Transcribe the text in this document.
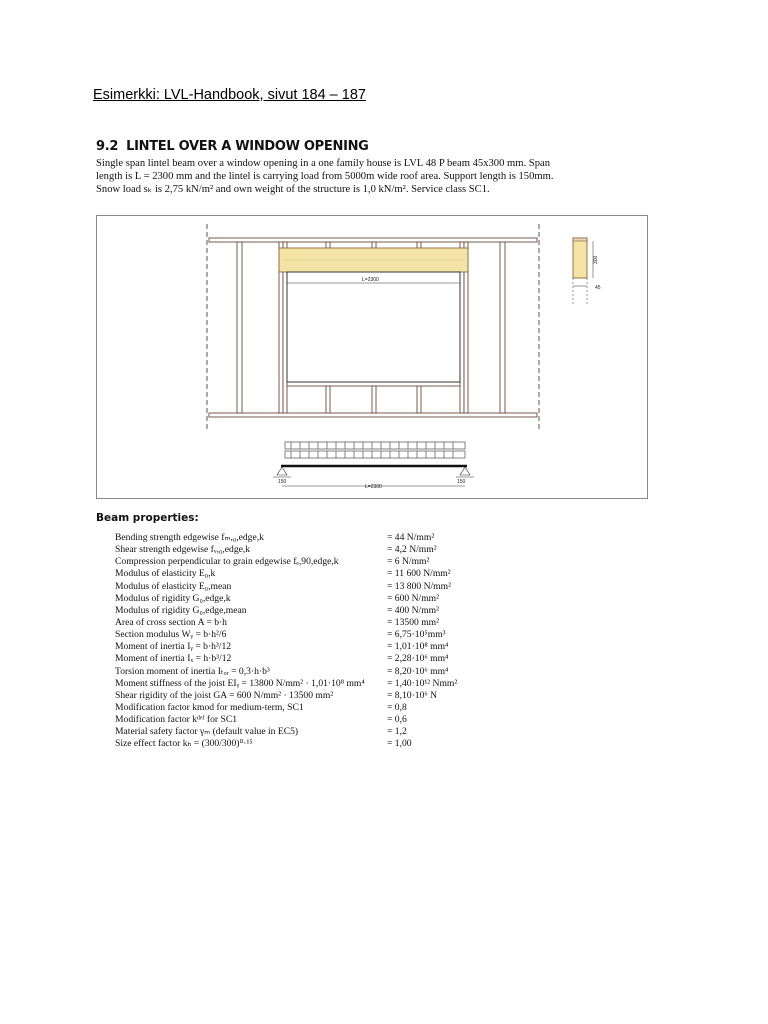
Esimerkki: LVL-Handbook, sivut 184 – 187
9.2 LINTEL OVER A WINDOW OPENING

Single span lintel beam over a window opening in a one family house is LVL 48 P beam 45x300 mm. Span

length is L = 2300 mm and the lintel is carrying load from 5000m wide roof area. Support length is 150mm.

Snow load sₖ is 2,75 kN/m² and own weight of the structure is 1,0 kN/m². Service class SC1.

L=2300
300
45
150	150
L=2300
Beam properties:
Bending strength edgewise fₘ,₀,edge,k	= 44 N/mm²
Shear strength edgewise fᵥ,₀,edge,k	= 4,2 N/mm²
Compression perpendicular to grain edgewise fₑ,90,edge,k	= 6 N/mm²
Modulus of elasticity E₀,k	= 11 600 N/mm²
Modulus of elasticity E₀,mean	= 13 800 N/mm²
Modulus of rigidity G₀,edge,k	= 600 N/mm²
Modulus of rigidity G₀,edge,mean	= 400 N/mm²
Area of cross section A = b·h	= 13500 mm²
Section modulus Wᵧ = b·h²/6	= 6,75·10⁵mm³
Moment of inertia Iᵧ = b·h³/12	= 1,01·10⁸ mm⁴
Moment of inertia Iₓ = h·b³/12	= 2,28·10⁶ mm⁴
Torsion moment of inertia Iₜₒᵣ = 0,3·h·b³	= 8,20·10⁶ mm⁴
Moment stiffness of the joist EIᵧ = 13800 N/mm² · 1,01·10⁸ mm⁴ = 1,40·10¹² Nmm²
Shear rigidity of the joist GA = 600 N/mm² · 13500 mm²	= 8,10·10⁶ N
Modification factor kmod for medium-term, SC1	= 0,8
Modification factor kᵈᵉᶠ for SC1	= 0,6
Material safety factor γₘ (default value in EC5)	= 1,2
Size effect factor kₕ = (300/300)⁰·¹⁵	= 1,00
